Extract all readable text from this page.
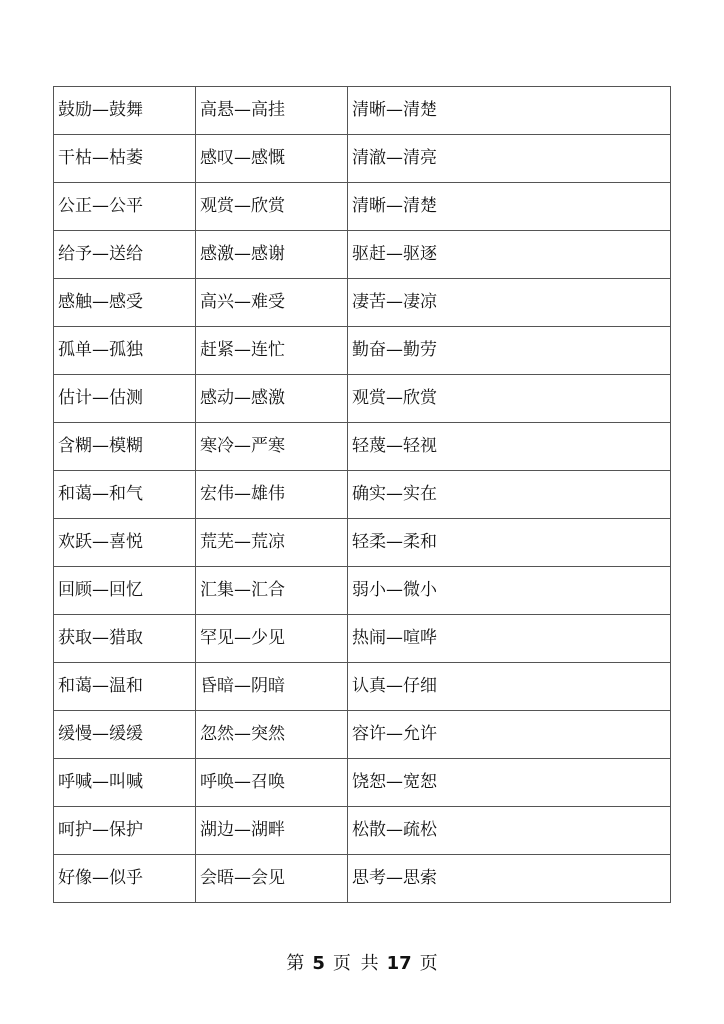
鼓励—鼓舞	高悬—高挂	清晰—清楚
干枯—枯萎	感叹—感慨	清澈—清亮
公正—公平	观赏—欣赏	清晰—清楚
给予—送给	感激—感谢	驱赶—驱逐
感触—感受	高兴—难受	凄苦—凄凉
孤单—孤独	赶紧—连忙	勤奋—勤劳
估计—估测	感动—感激	观赏—欣赏
含糊—模糊	寒冷—严寒	轻蔑—轻视
和蔼—和气	宏伟—雄伟	确实—实在
欢跃—喜悦	荒芜—荒凉	轻柔—柔和
回顾—回忆	汇集—汇合	弱小—微小
获取—猎取	罕见—少见	热闹—喧哗
和蔼—温和	昏暗—阴暗	认真—仔细
缓慢—缓缓	忽然—突然	容许—允许
呼喊—叫喊	呼唤—召唤	饶恕—宽恕
呵护—保护	湖边—湖畔	松散—疏松
好像—似乎	会晤—会见	思考—思索
第 5 页 共 17 页
